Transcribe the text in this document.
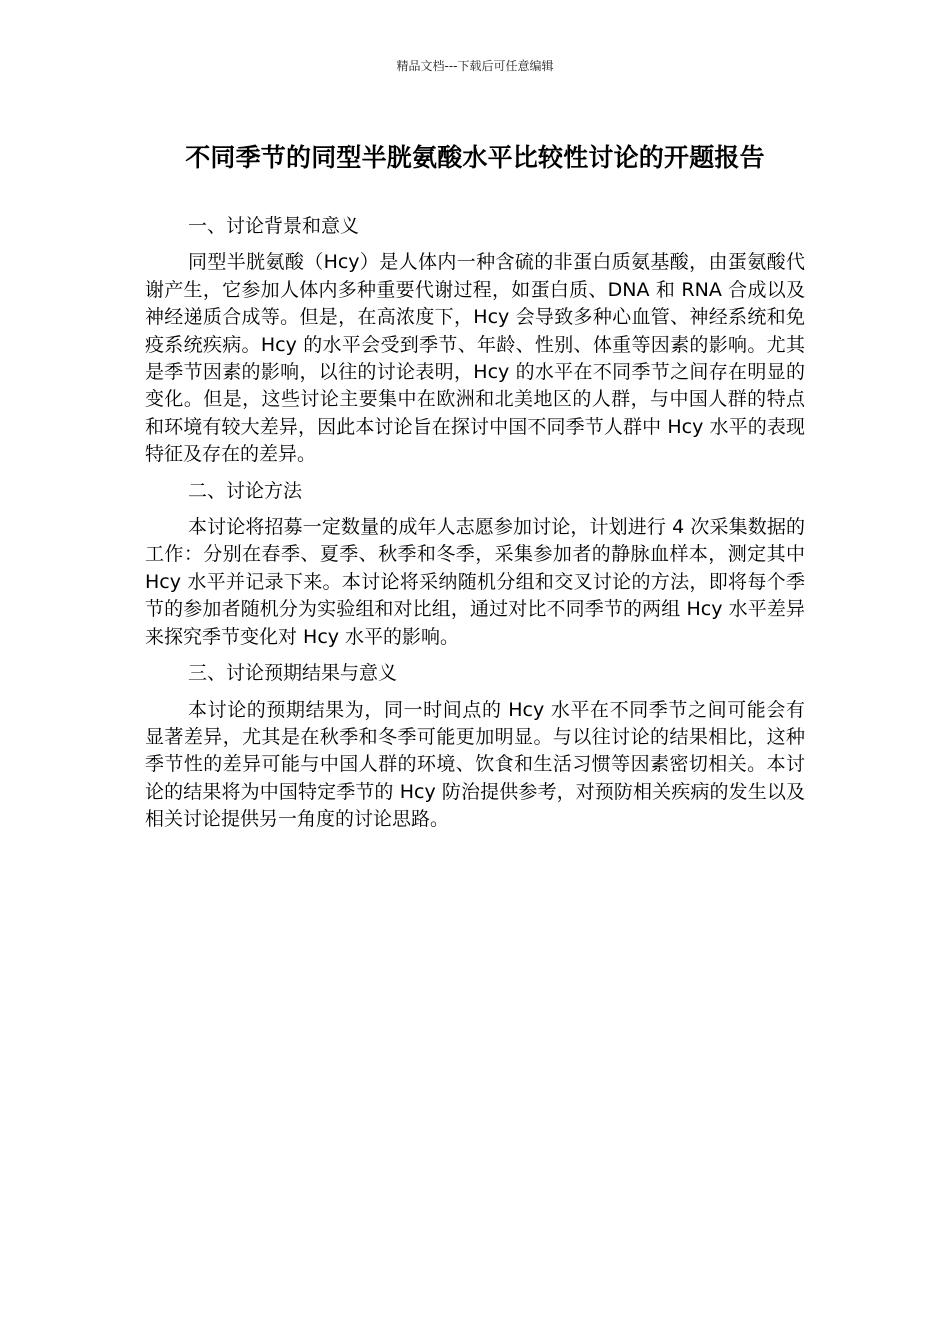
精品文档---下载后可任意编辑
不同季节的同型半胱氨酸水平比较性讨论的开题报告
一、讨论背景和意义
同型半胱氨酸（Hcy）是人体内一种含硫的非蛋白质氨基酸，由蛋氨酸代谢产生，它参加人体内多种重要代谢过程，如蛋白质、DNA 和 RNA 合成以及神经递质合成等。但是，在高浓度下，Hcy 会导致多种心血管、神经系统和免疫系统疾病。Hcy 的水平会受到季节、年龄、性别、体重等因素的影响。尤其是季节因素的影响，以往的讨论表明，Hcy 的水平在不同季节之间存在明显的变化。但是，这些讨论主要集中在欧洲和北美地区的人群，与中国人群的特点和环境有较大差异，因此本讨论旨在探讨中国不同季节人群中 Hcy 水平的表现特征及存在的差异。
二、讨论方法
本讨论将招募一定数量的成年人志愿参加讨论，计划进行 4 次采集数据的工作：分别在春季、夏季、秋季和冬季，采集参加者的静脉血样本，测定其中 Hcy 水平并记录下来。本讨论将采纳随机分组和交叉讨论的方法，即将每个季节的参加者随机分为实验组和对比组，通过对比不同季节的两组 Hcy 水平差异来探究季节变化对 Hcy 水平的影响。
三、讨论预期结果与意义
本讨论的预期结果为，同一时间点的 Hcy 水平在不同季节之间可能会有显著差异，尤其是在秋季和冬季可能更加明显。与以往讨论的结果相比，这种季节性的差异可能与中国人群的环境、饮食和生活习惯等因素密切相关。本讨论的结果将为中国特定季节的 Hcy 防治提供参考，对预防相关疾病的发生以及相关讨论提供另一角度的讨论思路。
